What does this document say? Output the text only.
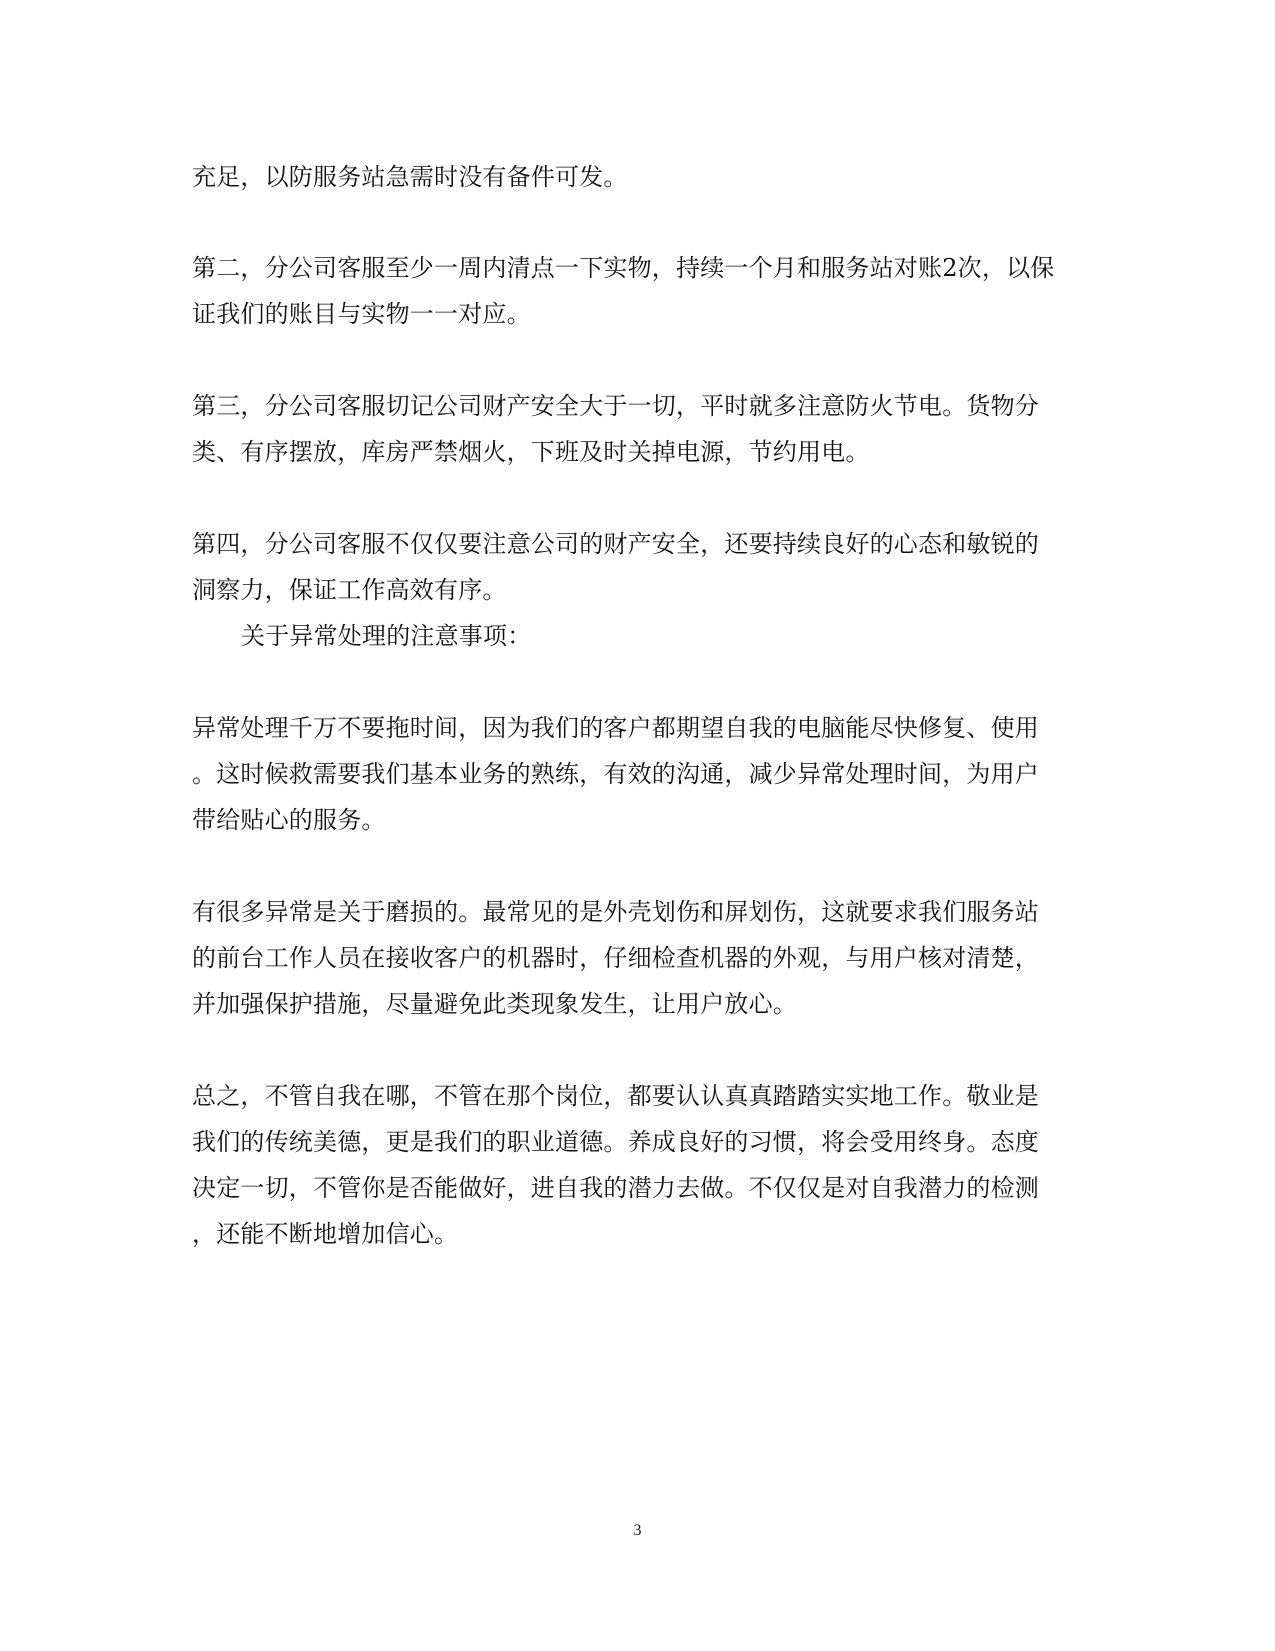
充足，以防服务站急需时没有备件可发。
第二，分公司客服至少一周内清点一下实物，持续一个月和服务站对账2次，以保
证我们的账目与实物一一对应。
第三，分公司客服切记公司财产安全大于一切，平时就多注意防火节电。货物分
类、有序摆放，库房严禁烟火，下班及时关掉电源，节约用电。
第四，分公司客服不仅仅要注意公司的财产安全，还要持续良好的心态和敏锐的
洞察力，保证工作高效有序。
关于异常处理的注意事项：
异常处理千万不要拖时间，因为我们的客户都期望自我的电脑能尽快修复、使用
。这时候救需要我们基本业务的熟练，有效的沟通，减少异常处理时间，为用户
带给贴心的服务。
有很多异常是关于磨损的。最常见的是外壳划伤和屏划伤，这就要求我们服务站
的前台工作人员在接收客户的机器时，仔细检查机器的外观，与用户核对清楚，
并加强保护措施，尽量避免此类现象发生，让用户放心。
总之，不管自我在哪，不管在那个岗位，都要认认真真踏踏实实地工作。敬业是
我们的传统美德，更是我们的职业道德。养成良好的习惯，将会受用终身。态度
决定一切，不管你是否能做好，进自我的潜力去做。不仅仅是对自我潜力的检测
，还能不断地增加信心。
3
